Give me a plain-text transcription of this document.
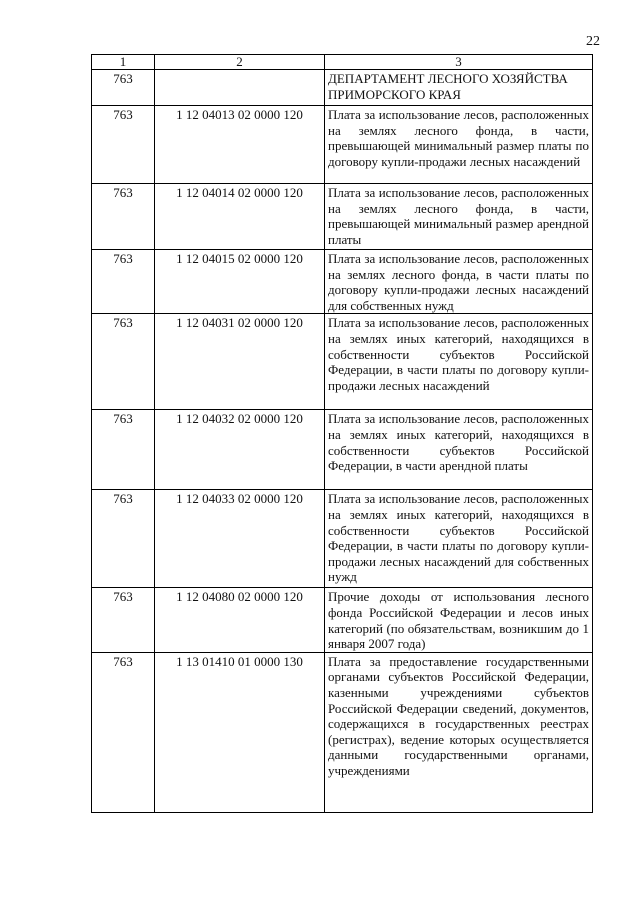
22
1	2	3
763		ДЕПАРТАМЕНТ ЛЕСНОГО ХОЗЯЙСТВА ПРИМОРСКОГО КРАЯ
763	1 12 04013 02 0000 120	Плата за использование лесов, расположенных на землях лесного фонда, в части, превышающей минимальный размер платы по договору купли-продажи лесных насаждений
763	1 12 04014 02 0000 120	Плата за использование лесов, расположенных на землях лесного фонда, в части, превышающей минимальный размер арендной платы
763	1 12 04015 02 0000 120	Плата за использование лесов, расположенных на землях лесного фонда, в части платы по договору купли-продажи лесных насаждений для собственных нужд
763	1 12 04031 02 0000 120	Плата за использование лесов, расположенных на землях иных категорий, находящихся в собственности субъектов Российской Федерации, в части платы по договору купли-продажи лесных насаждений
763	1 12 04032 02 0000 120	Плата за использование лесов, расположенных на землях иных категорий, находящихся в собственности субъектов Российской Федерации, в части арендной платы
763	1 12 04033 02 0000 120	Плата за использование лесов, расположенных на землях иных категорий, находящихся в собственности субъектов Российской Федерации, в части платы по договору купли-продажи лесных насаждений для собственных нужд
763	1 12 04080 02 0000 120	Прочие доходы от использования лесного фонда Российской Федерации и лесов иных категорий (по обязательствам, возникшим до 1 января 2007 года)
763	1 13 01410 01 0000 130	Плата за предоставление государственными органами субъектов Российской Федерации, казенными учреждениями субъектов Российской Федерации сведений, документов, содержащихся в государственных реестрах (регистрах), ведение которых осуществляется данными государственными органами, учреждениями
